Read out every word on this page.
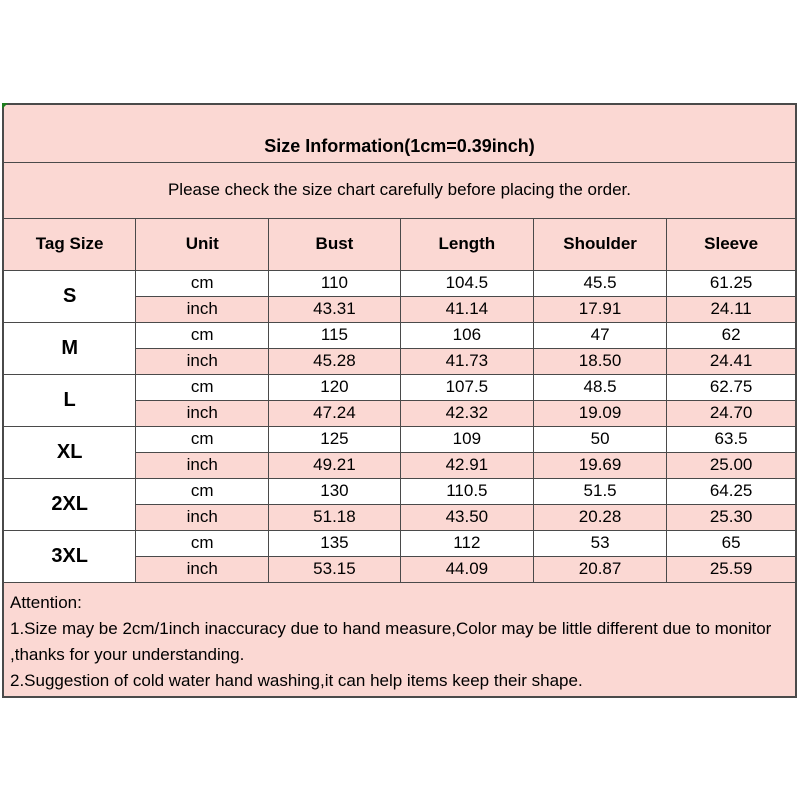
Size Information(1cm=0.39inch)					
Please check the size chart carefully before placing the order.					
Tag Size	Unit	Bust	Length	Shoulder	Sleeve
S	cm	110	104.5	45.5	61.25
	inch	43.31	41.14	17.91	24.11
M	cm	115	106	47	62
	inch	45.28	41.73	18.50	24.41
L	cm	120	107.5	48.5	62.75
	inch	47.24	42.32	19.09	24.70
XL	cm	125	109	50	63.5
	inch	49.21	42.91	19.69	25.00
2XL	cm	130	110.5	51.5	64.25
	inch	51.18	43.50	20.28	25.30
3XL	cm	135	112	53	65
	inch	53.15	44.09	20.87	25.59

Attention:
1.Size may be 2cm/1inch inaccuracy due to hand measure,Color may be little different due to monitor ,thanks for your understanding.
2.Suggestion of cold water hand washing,it can help items keep their shape.					
